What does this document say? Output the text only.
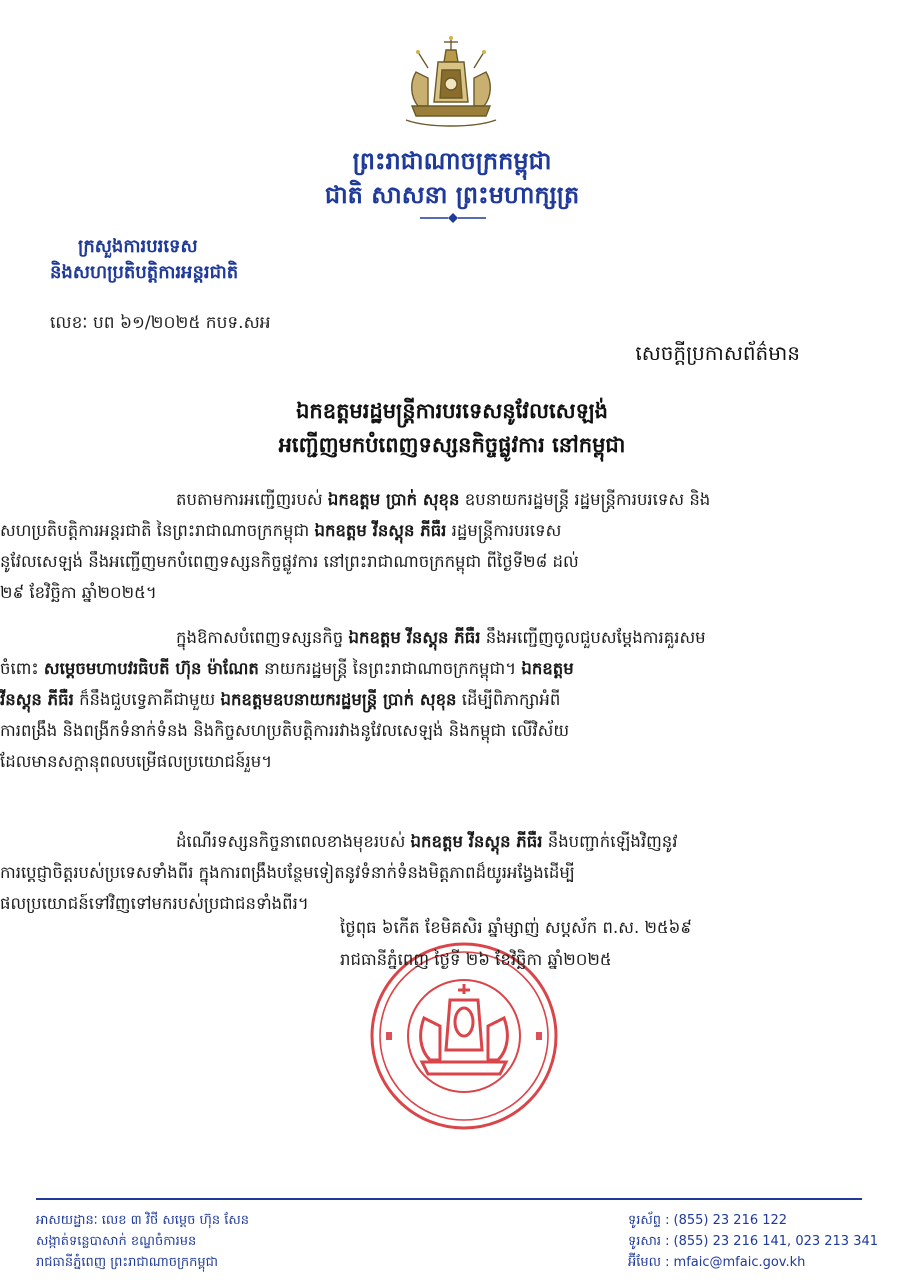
ព្រះរាជាណាចក្រកម្ពុជា
ជាតិ សាសនា ព្រះមហាក្សត្រ
ក្រសួងការបរទេស
និងសហប្រតិបត្តិការអន្តរជាតិ
លេខៈ បព ៦១/២០២៥ កបទ.សអ
សេចក្តីប្រកាសព័ត៌មាន
ឯកឧត្តមរដ្ឋមន្ត្រីការបរទេសនូវែលសេឡង់
អញ្ជើញមកបំពេញទស្សនកិច្ចផ្លូវការ នៅកម្ពុជា
តបតាមការអញ្ជើញរបស់ ឯកឧត្តម ប្រាក់ សុខុន ឧបនាយករដ្ឋមន្ត្រី រដ្ឋមន្ត្រីការបរទេស និង
សហប្រតិបត្តិការអន្តរជាតិ នៃព្រះរាជាណាចក្រកម្ពុជា ឯកឧត្តម វីនស្តុន ភីធឺរ រដ្ឋមន្ត្រីការបរទេស
នូវែលសេឡង់ នឹងអញ្ជើញមកបំពេញទស្សនកិច្ចផ្លូវការ នៅព្រះរាជាណាចក្រកម្ពុជា ពីថ្ងៃទី២៨ ដល់
២៩ ខែវិច្ឆិកា ឆ្នាំ២០២៥។
ក្នុងឱកាសបំពេញទស្សនកិច្ច ឯកឧត្តម វីនស្តុន ភីធឺរ នឹងអញ្ជើញចូលជួបសម្តែងការគួរសម
ចំពោះ សម្តេចមហាបវរធិបតី ហ៊ុន ម៉ាណែត នាយករដ្ឋមន្ត្រី នៃព្រះរាជាណាចក្រកម្ពុជា។ ឯកឧត្តម
វីនស្តុន ភីធឺរ ក៏នឹងជួបទ្វេភាគីជាមួយ ឯកឧត្តមឧបនាយករដ្ឋមន្ត្រី ប្រាក់ សុខុន ដើម្បីពិភាក្សាអំពី
ការពង្រឹង និងពង្រីកទំនាក់ទំនង និងកិច្ចសហប្រតិបត្តិការរវាងនូវែលសេឡង់ និងកម្ពុជា លើវិស័យ
ដែលមានសក្តានុពលបម្រើផលប្រយោជន៍រួម។
ដំណើរទស្សនកិច្ចនាពេលខាងមុខរបស់ ឯកឧត្តម វីនស្តុន ភីធឺរ នឹងបញ្ជាក់ឡើងវិញនូវ
ការប្តេជ្ញាចិត្តរបស់ប្រទេសទាំងពីរ ក្នុងការពង្រឹងបន្ថែមទៀតនូវទំនាក់ទំនងមិត្តភាពដ៏យូរអង្វែងដើម្បី
ផលប្រយោជន៍ទៅវិញទៅមករបស់ប្រជាជនទាំងពីរ។
ថ្ងៃពុធ ៦កើត ខែមិគសិរ ឆ្នាំម្សាញ់ សប្តស័ក ព.ស. ២៥៦៩
រាជធានីភ្នំពេញ ថ្ងៃទី ២៦ ខែវិច្ឆិកា ឆ្នាំ២០២៥
អាសយដ្ឋានៈ លេខ ៣ វិថី សម្តេច ហ៊ុន សែន
សង្កាត់ទន្លេបាសាក់ ខណ្ឌចំការមន
រាជធានីភ្នំពេញ ព្រះរាជាណាចក្រកម្ពុជា
ទូរស័ព្ទ : (855) 23 216 122
ទូរសារ : (855) 23 216 141, 023 213 341
អ៊ីមែល : mfaic@mfaic.gov.kh
